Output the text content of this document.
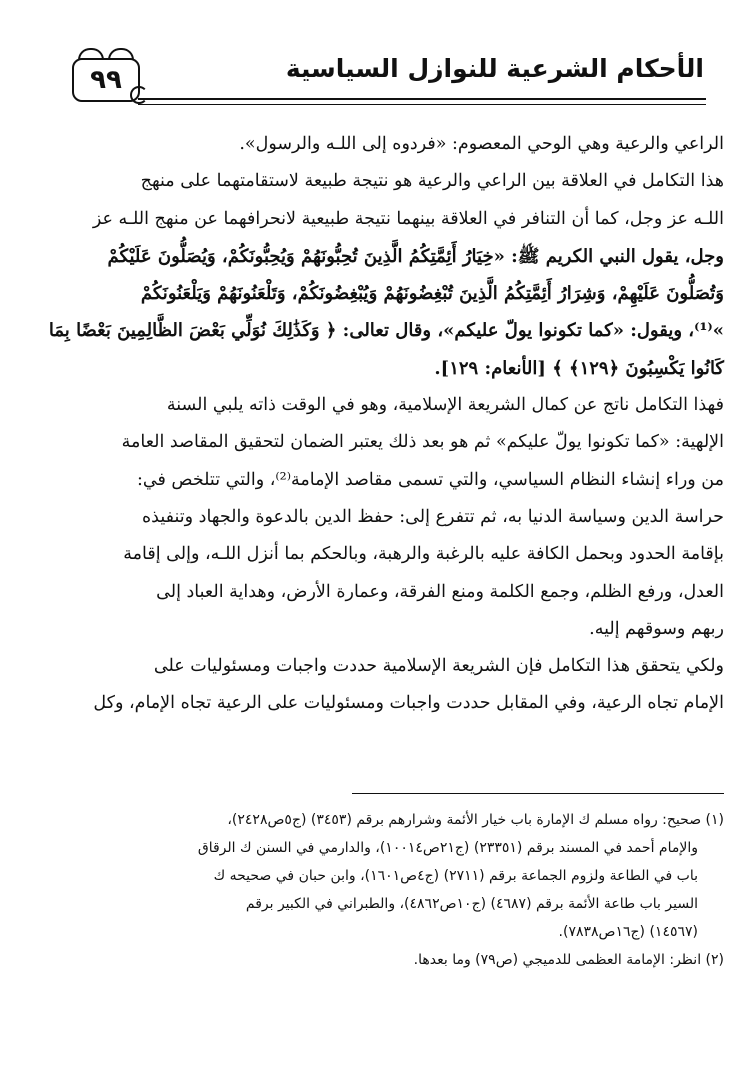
٩٩	الأحكام الشرعية للنوازل السياسية
الراعي والرعية وهي الوحي المعصوم: «فردوه إلى اللـه والرسول».
هذا التكامل في العلاقة بين الراعي والرعية هو نتيجة طبيعة لاستقامتهما على منهج
اللـه عز وجل، كما أن التنافر في العلاقة بينهما نتيجة طبيعية لانحرافهما عن منهج اللـه عز
وجل، يقول النبي الكريم ﷺ: «خِيَارُ أَئِمَّتِكُمُ الَّذِينَ تُحِبُّونَهُمْ وَيُحِبُّونَكُمْ، وَيُصَلُّونَ عَلَيْكُمْ
وَتُصَلُّونَ عَلَيْهِمْ، وَشِرَارُ أَئِمَّتِكُمُ الَّذِينَ تُبْغِضُونَهُمْ وَيُبْغِضُونَكُمْ، وَتَلْعَنُونَهُمْ وَيَلْعَنُونَكُمْ
»⁽¹⁾، ويقول: «كما تكونوا يولّ عليكم»، وقال تعالى: ﴿ وَكَذَٰلِكَ نُوَلِّي بَعْضَ الظَّالِمِينَ بَعْضًا بِمَا
كَانُوا يَكْسِبُونَ ﴿١٢٩﴾ ﴾ [الأنعام: ١٢٩].
فهذا التكامل ناتج عن كمال الشريعة الإسلامية، وهو في الوقت ذاته يلبي السنة
الإلهية: «كما تكونوا يولّ عليكم» ثم هو بعد ذلك يعتبر الضمان لتحقيق المقاصد العامة
من وراء إنشاء النظام السياسي، والتي تسمى مقاصد الإمامة⁽²⁾، والتي تتلخص في:
حراسة الدين وسياسة الدنيا به، ثم تتفرع إلى: حفظ الدين بالدعوة والجهاد وتنفيذه
بإقامة الحدود وبحمل الكافة عليه بالرغبة والرهبة، وبالحكم بما أنزل اللـه، وإلى إقامة
العدل، ورفع الظلم، وجمع الكلمة ومنع الفرقة، وعمارة الأرض، وهداية العباد إلى
ربهم وسوقهم إليه.
ولكي يتحقق هذا التكامل فإن الشريعة الإسلامية حددت واجبات ومسئوليات على
الإمام تجاه الرعية، وفي المقابل حددت واجبات ومسئوليات على الرعية تجاه الإمام، وكل
(١) صحيح: رواه مسلم ك الإمارة باب خيار الأئمة وشرارهم برقم (٣٤٥٣) (ج٥ص٢٤٢٨)،
والإمام أحمد في المسند برقم (٢٣٣٥١) (ج٢١ص١٠٠١٤)، والدارمي في السنن ك الرقاق
باب في الطاعة ولزوم الجماعة برقم (٢٧١١) (ج٤ص١٦٠١)، وابن حبان في صحيحه ك
السير باب طاعة الأئمة برقم (٤٦٨٧) (ج١٠ص٤٨٦٢)، والطبراني في الكبير برقم
(١٤٥٦٧) (ج١٦ص٧٨٣٨).
(٢) انظر: الإمامة العظمى للدميجي (ص٧٩) وما بعدها.
